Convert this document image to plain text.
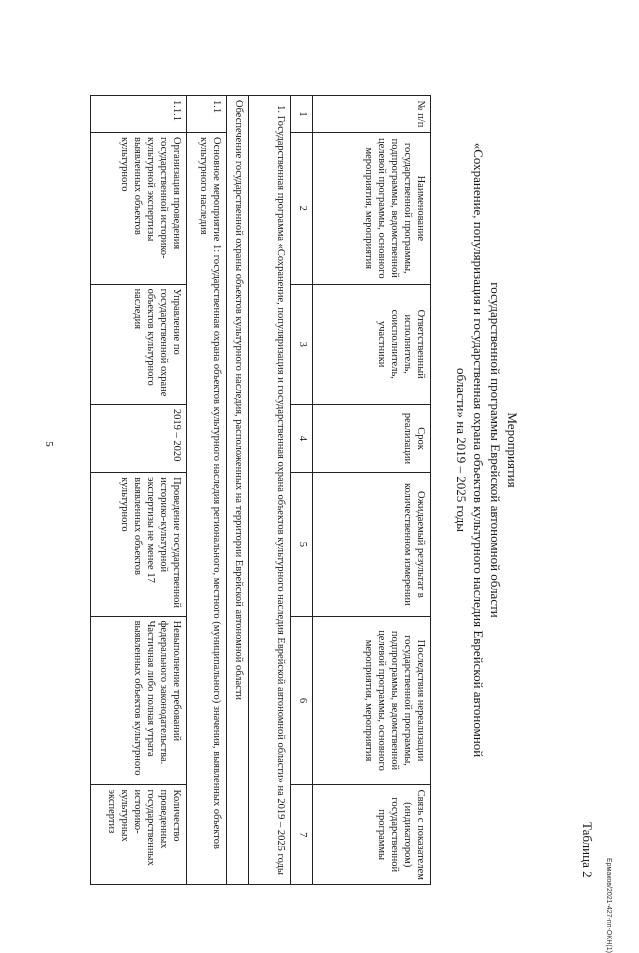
5
Ермаков/2021-427-пп-ОКН(1)
Таблица 2
Мероприятия
государственной программы Еврейской автономной области
«Сохранение, популяризация и государственная охрана объектов культурного наследия Еврейской автономной
области» на 2019 – 2025 годы
№ п/п	Наименование государственной программы, подпрограммы, ведомственной целевой программы, основного мероприятия, мероприятия	Ответственный исполнитель, соисполнитель, участники	Срок реализации	Ожидаемый результат в количественном измерении	Последствия нереализации государственной программы, подпрограммы, ведомственной целевой программы, основного мероприятия, мероприятия	Связь с показателем (индикатором) государственной программы
1	2	3	4	5	6	7
1. Государственная программа «Сохранение, популяризация и государственная охрана объектов культурного наследия Еврейской автономной области» на 2019 – 2025 годы						
Обеспечение государственной охраны объектов культурного наследия, расположенных на территории Еврейской автономной области						
1.1	Основное мероприятие 1: государственная охрана объектов культурного наследия регионального, местного (муниципального) значения, выявленных объектов культурного наследия					
1.1.1	Организация проведения государственной историко-культурной экспертизы выявленных объектов культурного	Управление по государственной охране объектов культурного наследия	2019 – 2020	Проведение государственной историко-культурной экспертизы не менее 17 выявленных объектов культурного	Невыполнение требований федерального законодательства. Частичная либо полная утрата выявленных объектов культурного	Количество проведенных государственных историко-культурных экспертиз
